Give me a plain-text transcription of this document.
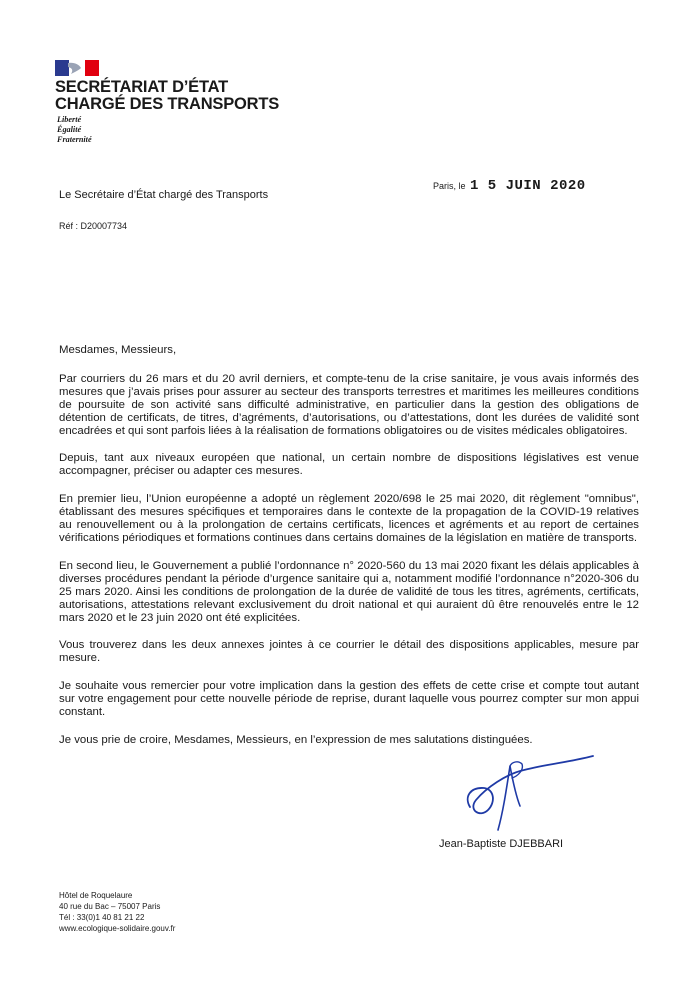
SECRÉTARIAT D’ÉTAT
CHARGÉ DES TRANSPORTS
Liberté
Égalité
Fraternité
Paris, le 1 5 JUIN 2020
Le Secrétaire d’État chargé des Transports
Réf : D20007734

Mesdames, Messieurs,

Par courriers du 26 mars et du 20 avril derniers, et compte-tenu de la crise sanitaire, je vous avais informés des mesures que j’avais prises pour assurer au secteur des transports terrestres et maritimes les meilleures conditions de poursuite de son activité sans difficulté administrative, en particulier dans la gestion des obligations de détention de certificats, de titres, d’agréments, d’autorisations, ou d’attestations, dont les durées de validité sont encadrées et qui sont parfois liées à la réalisation de formations obligatoires ou de visites médicales obligatoires.

Depuis, tant aux niveaux européen que national, un certain nombre de dispositions législatives est venue accompagner, préciser ou adapter ces mesures.

En premier lieu, l’Union européenne a adopté un règlement 2020/698 le 25 mai 2020, dit règlement "omnibus", établissant des mesures spécifiques et temporaires dans le contexte de la propagation de la COVID-19 relatives au renouvellement ou à la prolongation de certains certificats, licences et agréments et au report de certaines vérifications périodiques et formations continues dans certains domaines de la législation en matière de transports.

En second lieu, le Gouvernement a publié l’ordonnance n° 2020-560 du 13 mai 2020 fixant les délais applicables à diverses procédures pendant la période d’urgence sanitaire qui a, notamment modifié l’ordonnance n°2020-306 du 25 mars 2020. Ainsi les conditions de prolongation de la durée de validité de tous les titres, agréments, certificats, autorisations, attestations relevant exclusivement du droit national et qui auraient dû être renouvelés entre le 12 mars 2020 et le 23 juin 2020 ont été explicitées.

Vous trouverez dans les deux annexes jointes à ce courrier le détail des dispositions applicables, mesure par mesure.

Je souhaite vous remercier pour votre implication dans la gestion des effets de cette crise et compte tout autant sur votre engagement pour cette nouvelle période de reprise, durant laquelle vous pourrez compter sur mon appui constant.

Je vous prie de croire, Mesdames, Messieurs, en l’expression de mes salutations distinguées.

Jean-Baptiste DJEBBARI
Hôtel de Roquelaure
40 rue du Bac – 75007 Paris
Tél : 33(0)1 40 81 21 22
www.ecologique-solidaire.gouv.fr
